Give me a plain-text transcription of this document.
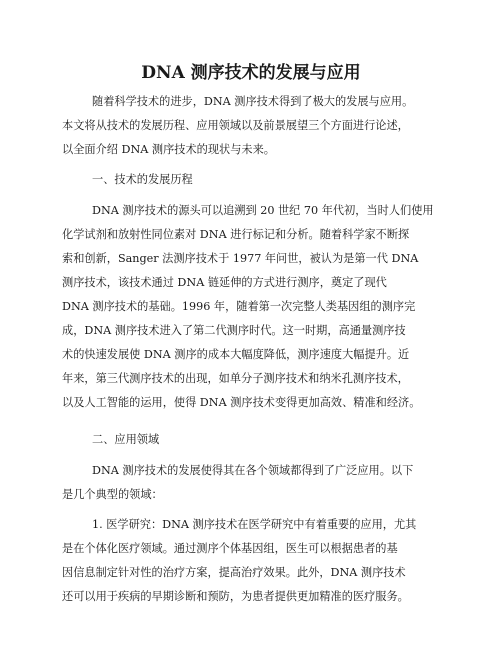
DNA 测序技术的发展与应用
随着科学技术的进步，DNA 测序技术得到了极大的发展与应用。
本文将从技术的发展历程、应用领域以及前景展望三个方面进行论述，
以全面介绍 DNA 测序技术的现状与未来。
一、技术的发展历程
DNA 测序技术的源头可以追溯到 20 世纪 70 年代初，当时人们使用
化学试剂和放射性同位素对 DNA 进行标记和分析。随着科学家不断探
索和创新，Sanger 法测序技术于 1977 年问世，被认为是第一代 DNA
测序技术，该技术通过 DNA 链延伸的方式进行测序，奠定了现代
DNA 测序技术的基础。1996 年，随着第一次完整人类基因组的测序完
成，DNA 测序技术进入了第二代测序时代。这一时期，高通量测序技
术的快速发展使 DNA 测序的成本大幅度降低，测序速度大幅提升。近
年来，第三代测序技术的出现，如单分子测序技术和纳米孔测序技术，
以及人工智能的运用，使得 DNA 测序技术变得更加高效、精准和经济。
二、应用领域
DNA 测序技术的发展使得其在各个领域都得到了广泛应用。以下
是几个典型的领域：
1. 医学研究：DNA 测序技术在医学研究中有着重要的应用，尤其
是在个体化医疗领域。通过测序个体基因组，医生可以根据患者的基
因信息制定针对性的治疗方案，提高治疗效果。此外，DNA 测序技术
还可以用于疾病的早期诊断和预防，为患者提供更加精准的医疗服务。
